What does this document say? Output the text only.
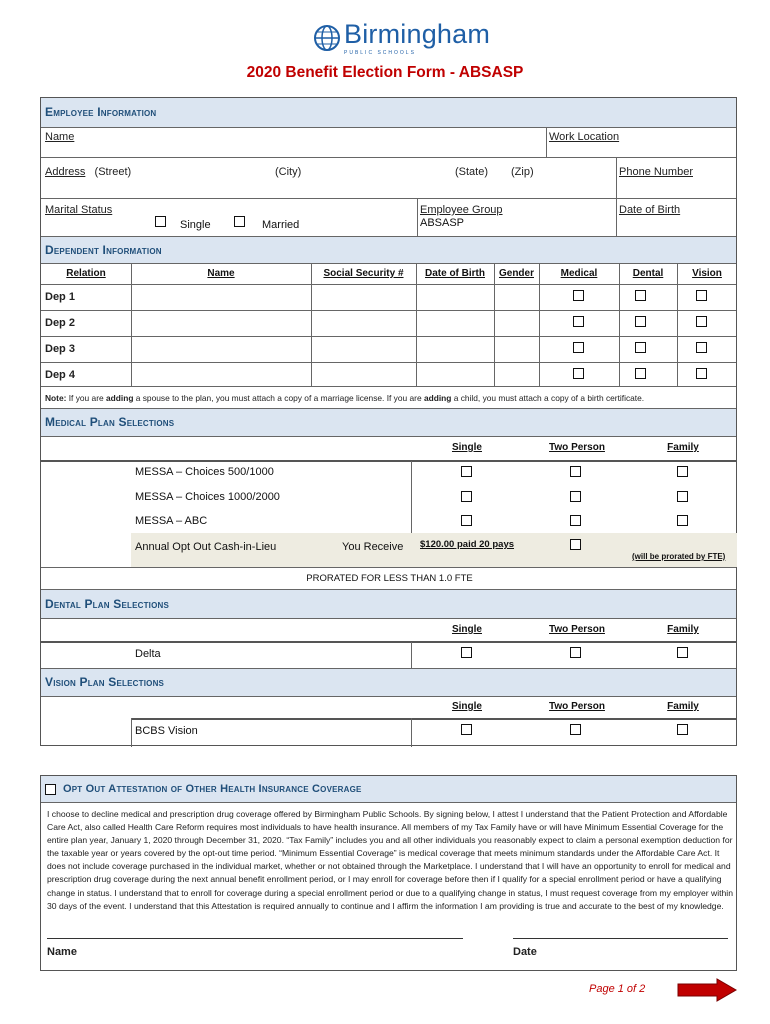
Birmingham
PUBLIC SCHOOLS
2020 Benefit Election Form - ABSASP
Employee Information
Name	Work Location
Address (Street)	(City)	(State) (Zip)	Phone Number
Marital Status
Single	Married
Employee Group
ABSASP
Date of Birth
Dependent Information
Relation	Name	Social Security #	Date of Birth	Gender	Medical	Dental	Vision
Dep 1
Dep 2
Dep 3
Dep 4
Note: If you are adding a spouse to the plan, you must attach a copy of a marriage license. If you are adding a child, you must attach a copy of a birth certificate.
Medical Plan Selections
Single	Two Person	Family
MESSA – Choices 500/1000
MESSA – Choices 1000/2000
MESSA – ABC
Annual Opt Out Cash-in-Lieu	You Receive $120.00 paid 20 pays
(will be prorated by FTE)
PRORATED FOR LESS THAN 1.0 FTE
Dental Plan Selections
Single	Two Person	Family
Delta
Vision Plan Selections
Single	Two Person	Family
BCBS Vision
Opt Out Attestation of Other Health Insurance Coverage

I choose to decline medical and prescription drug coverage offered by Birmingham Public Schools. By signing below, I attest I understand that the Patient Protection and Affordable Care Act, also called Health Care Reform requires most individuals to have health insurance. All members of my Tax Family have or will have Minimum Essential Coverage for the entire plan year, January 1, 2020 through December 31, 2020. “Tax Family” includes you and all other individuals you reasonably expect to claim a personal exemption deduction for the taxable year or years covered by the opt-out time period. “Minimum Essential Coverage” is medical coverage that meets minimum standards under the Affordable Care Act. It does not include coverage purchased in the individual market, whether or not obtained through the Marketplace. I understand that I will have an opportunity to enroll for medical and prescription drug coverage during the next annual benefit enrollment period, or I may enroll for coverage before then if I qualify for a special enrollment period or have a qualifying change in status. I understand that to enroll for coverage during a special enrollment period or due to a qualifying change in status, I must request coverage from my employer within 30 days of the event. I understand that this Attestation is required annually to continue and I affirm the information I am providing is true and accurate to the best of my knowledge.

Name	Date
Page 1 of 2
